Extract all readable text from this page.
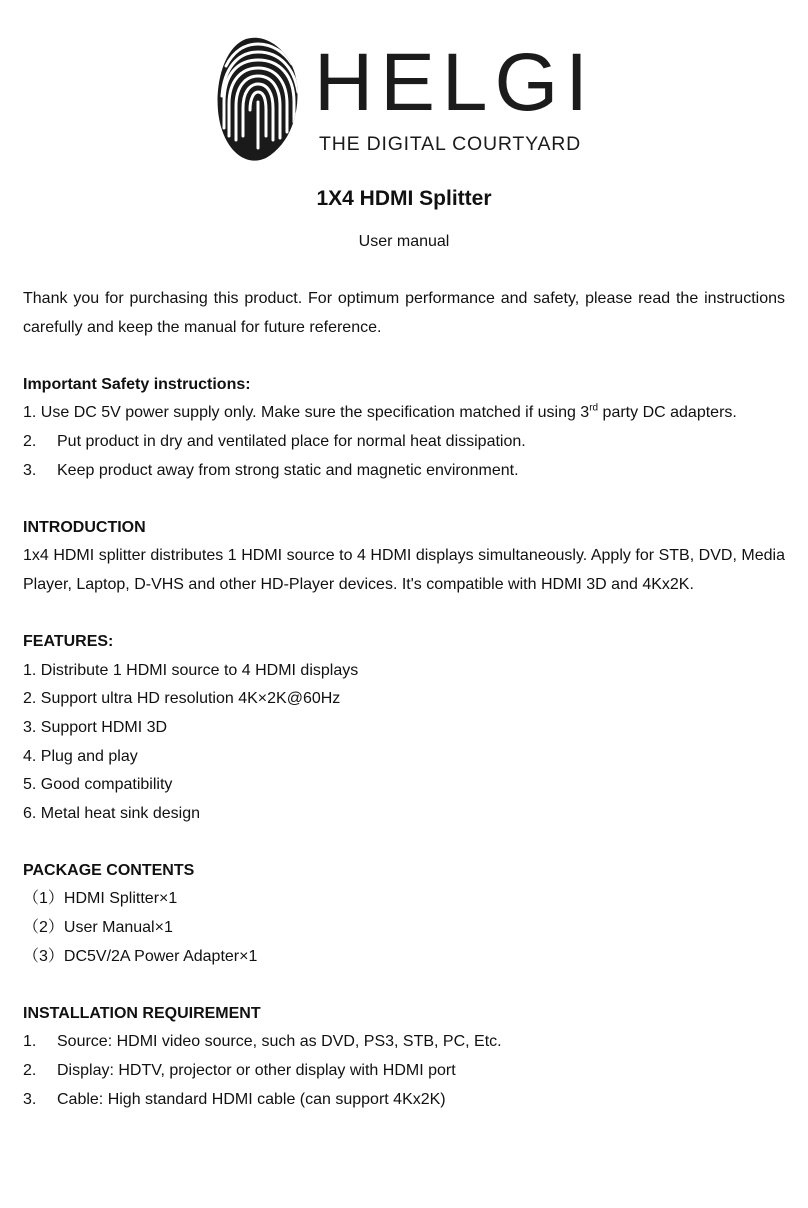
HELGI
THE DIGITAL COURTYARD
1X4 HDMI Splitter
User manual

Thank you for purchasing this product. For optimum performance and safety, please read the instructions carefully and keep the manual for future reference.

Important Safety instructions:

1. Use DC 5V power supply only. Make sure the specification matched if using 3rd party DC adapters.

2.	Put product in dry and ventilated place for normal heat dissipation.
3.	Keep product away from strong static and magnetic environment.

INTRODUCTION

1x4 HDMI splitter distributes 1 HDMI source to 4 HDMI displays simultaneously. Apply for STB, DVD, Media Player, Laptop, D-VHS and other HD-Player devices. It's compatible with HDMI 3D and 4Kx2K.

FEATURES:

1. Distribute 1 HDMI source to 4 HDMI displays

2. Support ultra HD resolution 4K×2K@60Hz

3. Support HDMI 3D

4. Plug and play

5. Good compatibility

6. Metal heat sink design

PACKAGE CONTENTS

（1）HDMI Splitter×1

（2）User Manual×1

（3）DC5V/2A Power Adapter×1

INSTALLATION REQUIREMENT

1.	Source: HDMI video source, such as DVD, PS3, STB, PC, Etc.
2.	Display: HDTV, projector or other display with HDMI port
3.	Cable: High standard HDMI cable (can support 4Kx2K)
